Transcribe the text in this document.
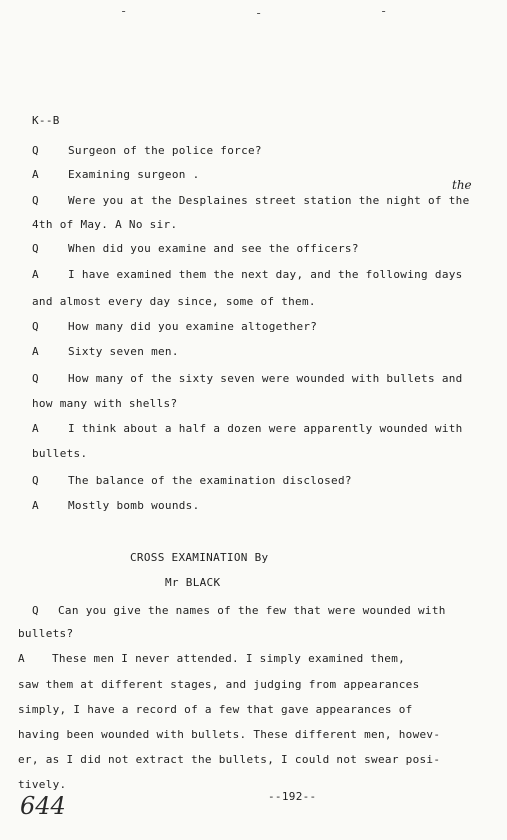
-	-	-
K--B
Q	Surgeon of the police force?
A	Examining surgeon .
the
Q	Were you at the Desplaines street station the night of the
4th of May. A No sir.
Q	When did you examine and see the officers?
A	I have examined them the next day, and the following days
and almost every day since, some of them.
Q	How many did you examine altogether?
A	Sixty seven men.
Q	How many of the sixty seven were wounded with bullets and
how many with shells?
A	I think about a half a dozen were apparently wounded with
bullets.
Q	The balance of the examination disclosed?
A	Mostly bomb wounds.
CROSS EXAMINATION By
Mr BLACK
Q Can you give the names of the few that were wounded with
bullets?
A These men I never attended. I simply examined them,
saw them at different stages, and judging from appearances
simply, I have a record of a few that gave appearances of
having been wounded with bullets. These different men, howev-
er, as I did not extract the bullets, I could not swear posi-
tively.
--192--
644
